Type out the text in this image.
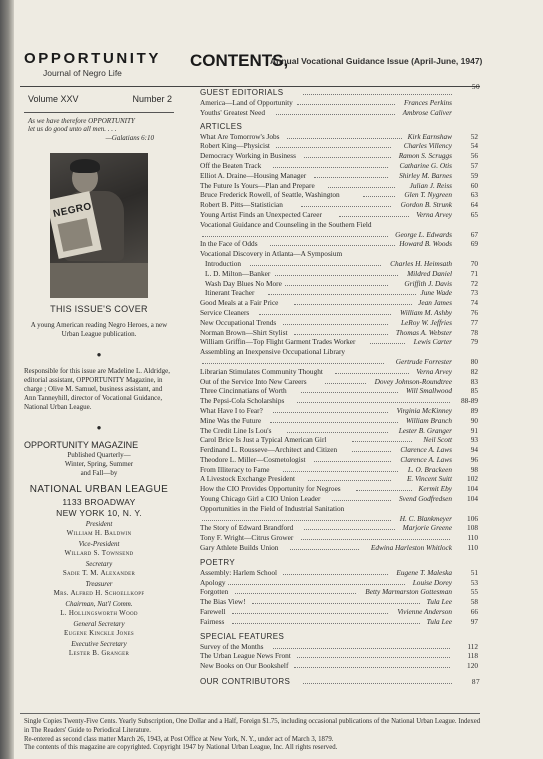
OPPORTUNITY
Journal of Negro Life
CONTENTS,
Annual Vocational Guidance Issue (April-June, 1947)
Volume XXV	Number 2
As we have therefore OPPORTUNITY
let us do good unto all men. . . .
—Galatians 6:10
NEGRO
THIS ISSUE'S COVER
A young American reading Negro Heroes, a new Urban League publication.
●
Responsible for this issue are Madeline L. Aldridge, editorial assistant, OPPORTUNITY Magazine, in charge ; Olive M. Samuel, business assistant, and Ann Tanneyhill, director of Vocational Guidance, National Urban League.
●
OPPORTUNITY MAGAZINE
Published Quarterly—
Winter, Spring, Summer
and Fall—by
NATIONAL URBAN LEAGUE
1133 BROADWAY
NEW YORK 10, N. Y.
President
William H. Baldwin
Vice-President
Willard S. Townsend
Secretary
Sadie T. M. Alexander
Treasurer
Mrs. Alfred H. Schoellkopf
Chairman, Nat'l Comm.
L. Hollingsworth Wood
General Secretary
Eugene Kinckle Jones
Executive Secretary
Lester B. Granger
GUEST EDITORIALS
50
America—Land of Opportunity	Frances Perkins
Youths' Greatest Need	Ambrose Caliver
ARTICLES
What Are Tomorrow's Jobs	Kirk Earnshaw	52
Robert King—Physicist	Charles Villency	54
Democracy Working in Business	Ramon S. Scruggs	56
Off the Beaten Track	Catharine G. Otis	57
Elliot A. Draine—Housing Manager	Shirley M. Barnes	59
The Future Is Yours—Plan and Prepare	Julian J. Reiss	60
Bruce Frederick Rowell, of Seattle, Washington	Glen T. Nygreen	63
Robert B. Pitts—Statistician	Gordon B. Strunk	64
Young Artist Finds an Unexpected Career	Verna Arvey	65
Vocational Guidance and Counseling in the Southern Field
George L. Edwards	67
In the Face of Odds	Howard B. Woods	69
Vocational Discovery in Atlanta—A Symposium
Introduction	Charles H. Heimsath	70
L. D. Milton—Banker	Mildred Daniel	71
Wash Day Blues No More	Griffith J. Davis	72
Itinerant Teacher	June Wade	73
Good Meals at a Fair Price	Jean James	74
Service Cleaners	William M. Ashby	76
New Occupational Trends	LeRoy W. Jeffries	77
Norman Brown—Shirt Stylist	Thomas A. Webster	78
William Griffin—Top Flight Garment Trades Worker	Lewis Carter	79
Assembling an Inexpensive Occupational Library
Gertrude Forrester	80
Librarian Stimulates Community Thought	Verna Arvey	82
Out of the Service Into New Careers	Dovey Johnson-Roundtree	83
Three Cincinnatians of Worth	Will Smallwood	85
The Pepsi-Cola Scholarships	88-89
What Have I to Fear?	Virginia McKinney	89
Mine Was the Future	William Branch	90
The Credit Line Is Lou's	Lester B. Granger	91
Carol Brice Is Just a Typical American Girl	Neil Scott	93
Ferdinand L. Rousseve—Architect and Citizen	Clarence A. Laws	94
Theodore L. Miller—Cosmetologist	Clarence A. Laws	96
From Illiteracy to Fame	L. O. Brackeen	98
A Livestock Exchange President	E. Vincent Suitt	102
How the CIO Provides Opportunity for Negroes	Kermit Eby	104
Young Chicago Girl a CIO Union Leader	Svend Godfredsen	104
Opportunities in the Field of Industrial Sanitation
H. C. Blankmeyer	106
The Story of Edward Brandford	Marjorie Greene	108
Tony F. Wright—Citrus Grower	110
Gary Athlete Builds Union	Edwina Harleston Whitlock	110
POETRY
Assembly: Harlem School	Eugene T. Maleska	51
Apology	Louise Dorey	53
Forgotten	Betty Marmarston Gottesman	55
The Bias View!	Tula Lee	58
Farewell	Vivienne Anderson	66
Fairness	Tula Lee	97
SPECIAL FEATURES
Survey of the Months	112
The Urban League News Front	118
New Books on Our Bookshelf	120
OUR CONTRIBUTORS	87
Single Copies Twenty-Five Cents. Yearly Subscription, One Dollar and a Half, Foreign $1.75, including occasional publications of the National Urban League. Indexed in The Readers' Guide to Periodical Literature.
Re-entered as second class matter March 26, 1943, at Post Office at New York, N. Y., under act of March 3, 1879.
The contents of this magazine are copyrighted. Copyright 1947 by National Urban League, Inc. All rights reserved.
